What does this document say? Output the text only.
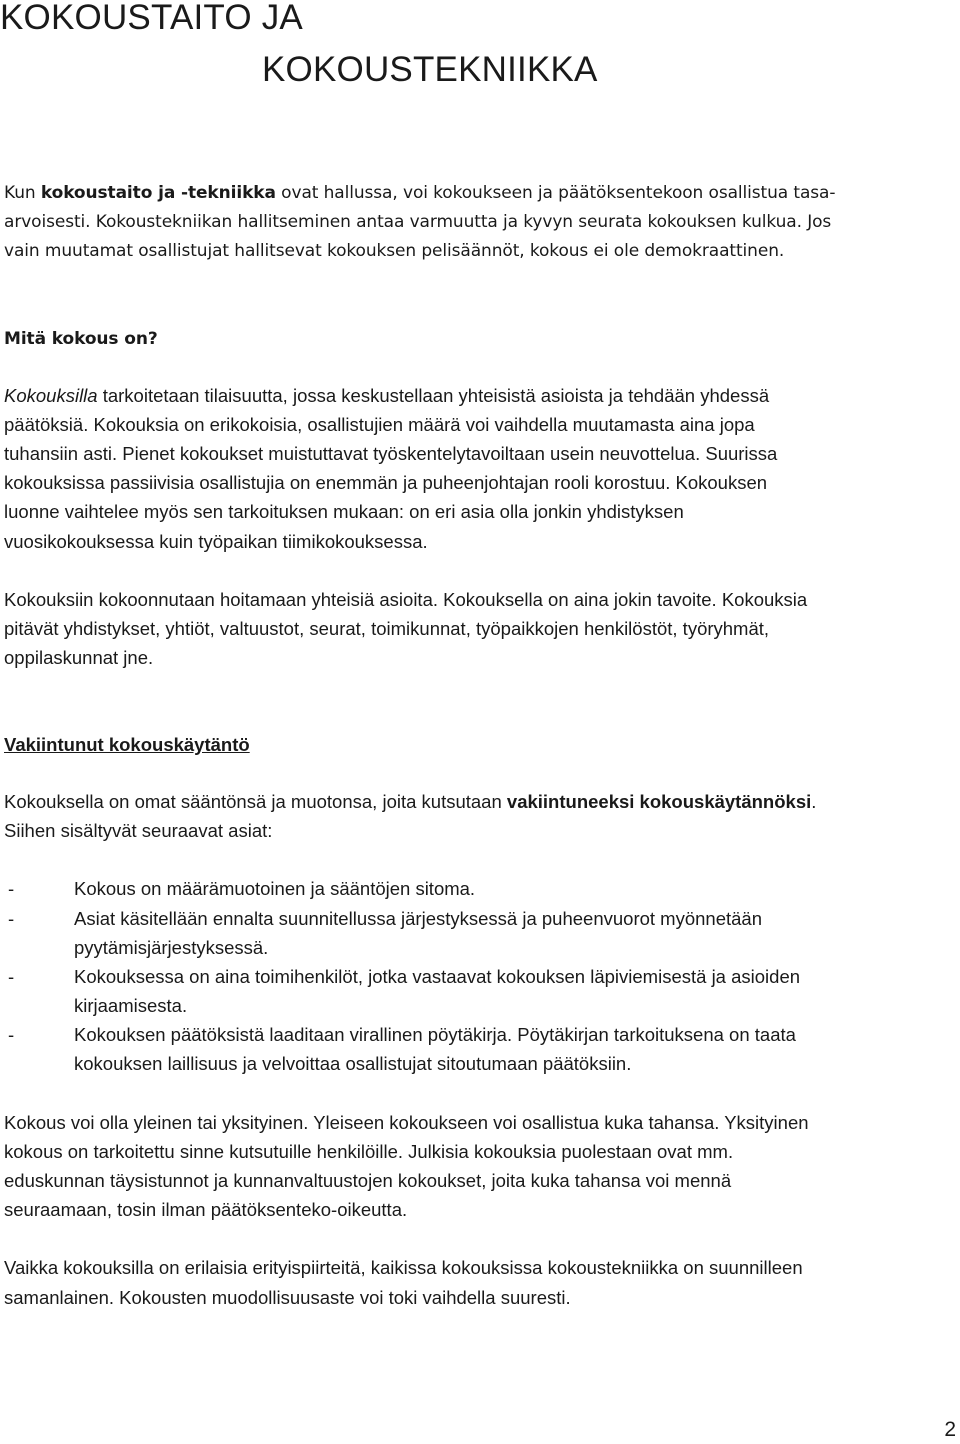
KOKOUSTAITO JA
KOKOUSTEKNIIKKA

Kun kokoustaito ja -tekniikka ovat hallussa, voi kokoukseen ja päätöksentekoon osallistua tasa-

arvoisesti. Kokoustekniikan hallitseminen antaa varmuutta ja kyvyn seurata kokouksen kulkua. Jos

vain muutamat osallistujat hallitsevat kokouksen pelisäännöt, kokous ei ole demokraattinen.

Mitä kokous on?

Kokouksilla tarkoitetaan tilaisuutta, jossa keskustellaan yhteisistä asioista ja tehdään yhdessä

päätöksiä. Kokouksia on erikokoisia, osallistujien määrä voi vaihdella muutamasta aina jopa

tuhansiin asti. Pienet kokoukset muistuttavat työskentelytavoiltaan usein neuvottelua. Suurissa

kokouksissa passiivisia osallistujia on enemmän ja puheenjohtajan rooli korostuu. Kokouksen

luonne vaihtelee myös sen tarkoituksen mukaan: on eri asia olla jonkin yhdistyksen

vuosikokouksessa kuin työpaikan tiimikokouksessa.

Kokouksiin kokoonnutaan hoitamaan yhteisiä asioita. Kokouksella on aina jokin tavoite. Kokouksia

pitävät yhdistykset, yhtiöt, valtuustot, seurat, toimikunnat, työpaikkojen henkilöstöt, työryhmät,

oppilaskunnat jne.

Vakiintunut kokouskäytäntö

Kokouksella on omat sääntönsä ja muotonsa, joita kutsutaan vakiintuneeksi kokouskäytännöksi.

Siihen sisältyvät seuraavat asiat:

-	Kokous on määrämuotoinen ja sääntöjen sitoma.

-	Asiat käsitellään ennalta suunnitellussa järjestyksessä ja puheenvuorot myönnetään

pyytämisjärjestyksessä.

-	Kokouksessa on aina toimihenkilöt, jotka vastaavat kokouksen läpiviemisestä ja asioiden

kirjaamisesta.

-	Kokouksen päätöksistä laaditaan virallinen pöytäkirja. Pöytäkirjan tarkoituksena on taata

kokouksen laillisuus ja velvoittaa osallistujat sitoutumaan päätöksiin.

Kokous voi olla yleinen tai yksityinen. Yleiseen kokoukseen voi osallistua kuka tahansa. Yksityinen

kokous on tarkoitettu sinne kutsutuille henkilöille. Julkisia kokouksia puolestaan ovat mm.

eduskunnan täysistunnot ja kunnanvaltuustojen kokoukset, joita kuka tahansa voi mennä

seuraamaan, tosin ilman päätöksenteko-oikeutta.

Vaikka kokouksilla on erilaisia erityispiirteitä, kaikissa kokouksissa kokoustekniikka on suunnilleen

samanlainen. Kokousten muodollisuusaste voi toki vaihdella suuresti.

2
